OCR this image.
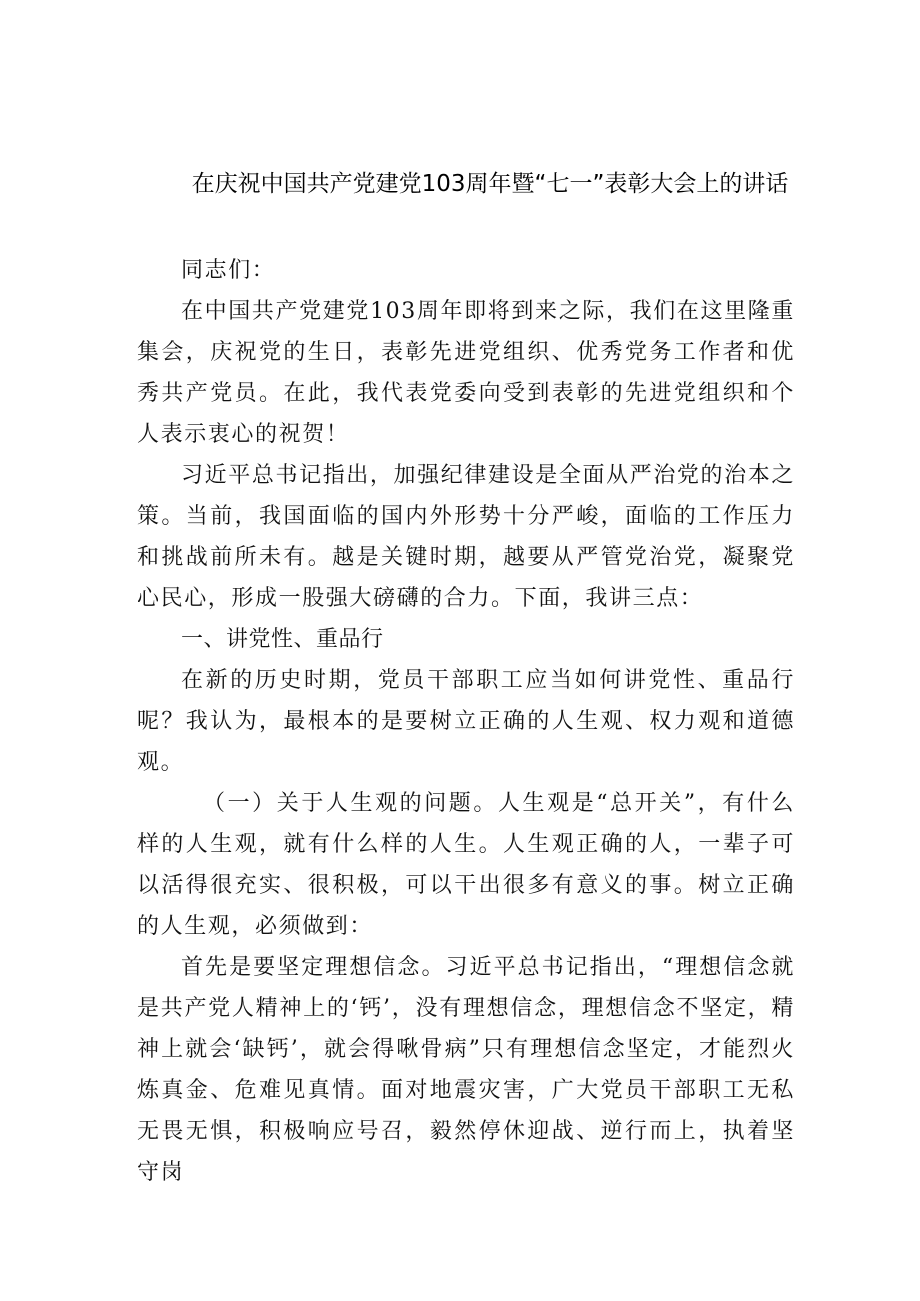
在庆祝中国共产党建党103周年暨“七一”表彰大会上的讲话

同志们：

在中国共产党建党103周年即将到来之际，我们在这里隆重集会，庆祝党的生日，表彰先进党组织、优秀党务工作者和优秀共产党员。在此，我代表党委向受到表彰的先进党组织和个人表示衷心的祝贺！

习近平总书记指出，加强纪律建设是全面从严治党的治本之策。当前，我国面临的国内外形势十分严峻，面临的工作压力和挑战前所未有。越是关键时期，越要从严管党治党，凝聚党心民心，形成一股强大磅礴的合力。下面，我讲三点：

一、讲党性、重品行

在新的历史时期，党员干部职工应当如何讲党性、重品行呢？我认为，最根本的是要树立正确的人生观、权力观和道德观。

（一）关于人生观的问题。人生观是“总开关”，有什么样的人生观，就有什么样的人生。人生观正确的人，一辈子可以活得很充实、很积极，可以干出很多有意义的事。树立正确的人生观，必须做到：

首先是要坚定理想信念。习近平总书记指出，“理想信念就是共产党人精神上的‘钙’，没有理想信念，理想信念不坚定，精神上就会‘缺钙’，就会得啾骨病”只有理想信念坚定，才能烈火炼真金、危难见真情。面对地震灾害，广大党员干部职工无私无畏无惧，积极响应号召，毅然停休迎战、逆行而上，执着坚守岗
